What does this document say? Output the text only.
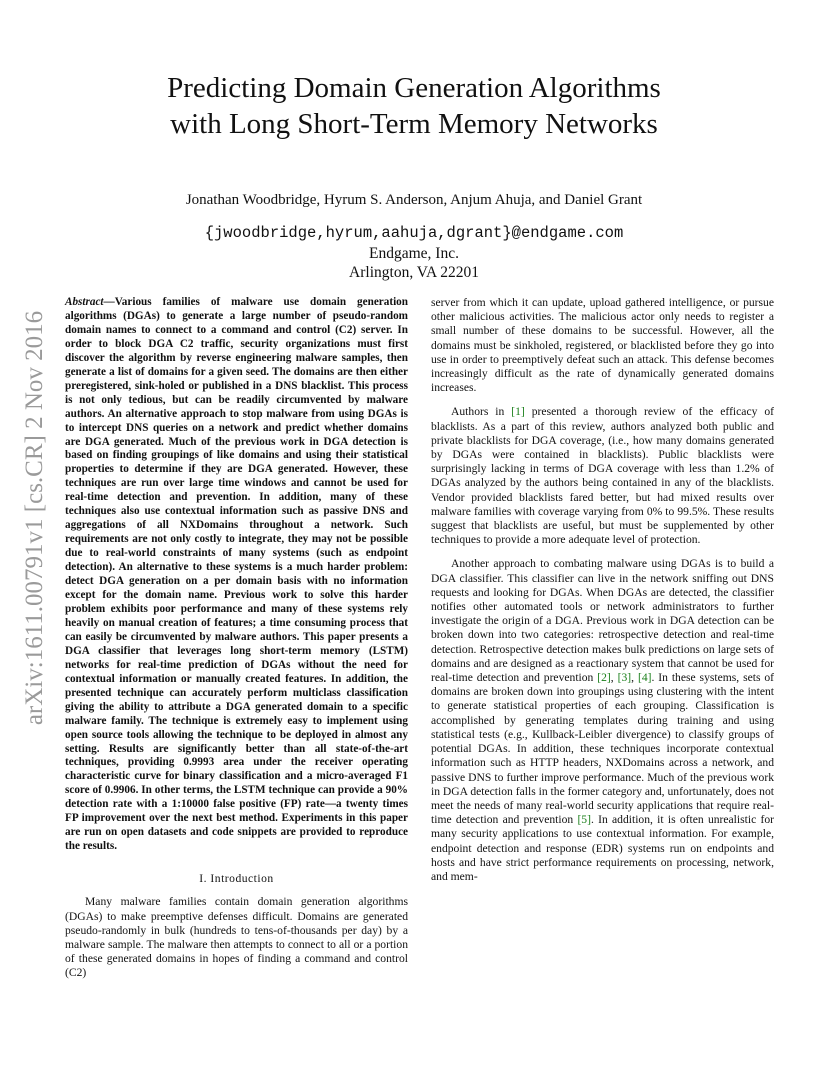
Predicting Domain Generation Algorithms
with Long Short-Term Memory Networks

Jonathan Woodbridge, Hyrum S. Anderson, Anjum Ahuja, and Daniel Grant

{jwoodbridge,hyrum,aahuja,dgrant}@endgame.com

Endgame, Inc.

Arlington, VA 22201

arXiv:1611.00791v1 [cs.CR] 2 Nov 2016

Abstract—Various families of malware use domain generation algorithms (DGAs) to generate a large number of pseudo-random domain names to connect to a command and control (C2) server. In order to block DGA C2 traffic, security organizations must first discover the algorithm by reverse engineering malware samples, then generate a list of domains for a given seed. The domains are then either preregistered, sink-holed or published in a DNS blacklist. This process is not only tedious, but can be readily circumvented by malware authors. An alternative approach to stop malware from using DGAs is to intercept DNS queries on a network and predict whether domains are DGA generated. Much of the previous work in DGA detection is based on finding groupings of like domains and using their statistical properties to determine if they are DGA generated. However, these techniques are run over large time windows and cannot be used for real-time detection and prevention. In addition, many of these techniques also use contextual information such as passive DNS and aggregations of all NXDomains throughout a network. Such requirements are not only costly to integrate, they may not be possible due to real-world constraints of many systems (such as endpoint detection). An alternative to these systems is a much harder problem: detect DGA generation on a per domain basis with no information except for the domain name. Previous work to solve this harder problem exhibits poor performance and many of these systems rely heavily on manual creation of features; a time consuming process that can easily be circumvented by malware authors. This paper presents a DGA classifier that leverages long short-term memory (LSTM) networks for real-time prediction of DGAs without the need for contextual information or manually created features. In addition, the presented technique can accurately perform multiclass classification giving the ability to attribute a DGA generated domain to a specific malware family. The technique is extremely easy to implement using open source tools allowing the technique to be deployed in almost any setting. Results are significantly better than all state-of-the-art techniques, providing 0.9993 area under the receiver operating characteristic curve for binary classification and a micro-averaged F1 score of 0.9906. In other terms, the LSTM technique can provide a 90% detection rate with a 1:10000 false positive (FP) rate—a twenty times FP improvement over the next best method. Experiments in this paper are run on open datasets and code snippets are provided to reproduce the results.

I. Introduction

Many malware families contain domain generation algorithms (DGAs) to make preemptive defenses difficult. Domains are generated pseudo-randomly in bulk (hundreds to tens-of-thousands per day) by a malware sample. The malware then attempts to connect to all or a portion of these generated domains in hopes of finding a command and control (C2)

server from which it can update, upload gathered intelligence, or pursue other malicious activities. The malicious actor only needs to register a small number of these domains to be successful. However, all the domains must be sinkholed, registered, or blacklisted before they go into use in order to preemptively defeat such an attack. This defense becomes increasingly difficult as the rate of dynamically generated domains increases.

Authors in [1] presented a thorough review of the efficacy of blacklists. As a part of this review, authors analyzed both public and private blacklists for DGA coverage, (i.e., how many domains generated by DGAs were contained in blacklists). Public blacklists were surprisingly lacking in terms of DGA coverage with less than 1.2% of DGAs analyzed by the authors being contained in any of the blacklists. Vendor provided blacklists fared better, but had mixed results over malware families with coverage varying from 0% to 99.5%. These results suggest that blacklists are useful, but must be supplemented by other techniques to provide a more adequate level of protection.

Another approach to combating malware using DGAs is to build a DGA classifier. This classifier can live in the network sniffing out DNS requests and looking for DGAs. When DGAs are detected, the classifier notifies other automated tools or network administrators to further investigate the origin of a DGA. Previous work in DGA detection can be broken down into two categories: retrospective detection and real-time detection. Retrospective detection makes bulk predictions on large sets of domains and are designed as a reactionary system that cannot be used for real-time detection and prevention [2], [3], [4]. In these systems, sets of domains are broken down into groupings using clustering with the intent to generate statistical properties of each grouping. Classification is accomplished by generating templates during training and using statistical tests (e.g., Kullback-Leibler divergence) to classify groups of potential DGAs. In addition, these techniques incorporate contextual information such as HTTP headers, NXDomains across a network, and passive DNS to further improve performance. Much of the previous work in DGA detection falls in the former category and, unfortunately, does not meet the needs of many real-world security applications that require real-time detection and prevention [5]. In addition, it is often unrealistic for many security applications to use contextual information. For example, endpoint detection and response (EDR) systems run on endpoints and hosts and have strict performance requirements on processing, network, and mem-
